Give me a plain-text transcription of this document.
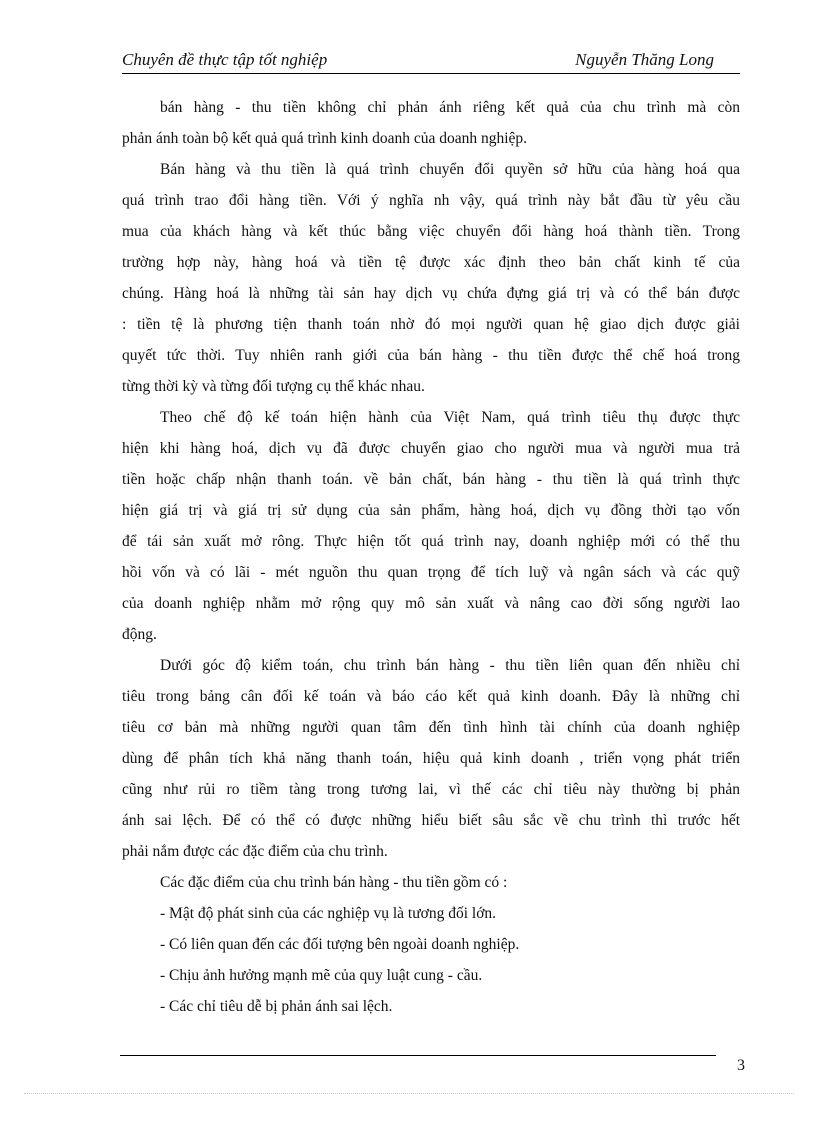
Chuyên đề thực tập tốt nghiệp	Nguyễn Thăng Long
bán hàng - thu tiền không chỉ phản ánh riêng kết quả của chu trình mà còn
phản ánh toàn bộ kết quả quá trình kinh doanh của doanh nghiệp.
Bán hàng và thu tiền là quá trình chuyển đổi quyền sở hữu của hàng hoá qua
quá trình trao đổi hàng tiền. Với ý nghĩa nh vậy, quá trình này bắt đầu từ yêu cầu
mua của khách hàng và kết thúc bằng việc chuyển đổi hàng hoá thành tiền. Trong
trường hợp này, hàng hoá và tiền tệ được xác định theo bản chất kinh tế của
chúng. Hàng hoá là những tài sản hay dịch vụ chứa đựng giá trị và có thể bán được
: tiền tệ là phương tiện thanh toán nhờ đó mọi người quan hệ giao dịch được giải
quyết tức thời. Tuy nhiên ranh giới của bán hàng - thu tiền được thể chế hoá trong
từng thời kỳ và từng đối tượng cụ thể khác nhau.
Theo chế độ kế toán hiện hành của Việt Nam, quá trình tiêu thụ được thực
hiện khi hàng hoá, dịch vụ đã được chuyển giao cho người mua và người mua trả
tiền hoặc chấp nhận thanh toán. về bản chất, bán hàng - thu tiền là quá trình thực
hiện giá trị và giá trị sử dụng của sản phẩm, hàng hoá, dịch vụ đồng thời tạo vốn
để tái sản xuất mở rông. Thực hiện tốt quá trình nay, doanh nghiệp mới có thể thu
hồi vốn và có lãi - mét nguồn thu quan trọng để tích luỹ và ngân sách và các quỹ
của doanh nghiệp nhằm mở rộng quy mô sản xuất và nâng cao đời sống người lao
động.
Dưới góc độ kiểm toán, chu trình bán hàng - thu tiền liên quan đến nhiều chỉ
tiêu trong bảng cân đối kế toán và báo cáo kết quả kinh doanh. Đây là những chỉ
tiêu cơ bản mà những người quan tâm đến tình hình tài chính của doanh nghiệp
dùng để phân tích khả năng thanh toán, hiệu quả kinh doanh , triển vọng phát triển
cũng như rủi ro tiềm tàng trong tương lai, vì thế các chỉ tiêu này thường bị phản
ánh sai lệch. Để có thể có được những hiểu biết sâu sắc về chu trình thì trước hết
phải nắm được các đặc điểm của chu trình.
Các đặc điểm của chu trình bán hàng - thu tiền gồm có :
- Mật độ phát sinh của các nghiệp vụ là tương đối lớn.
- Có liên quan đến các đối tượng bên ngoài doanh nghiệp.
- Chịu ảnh hưởng mạnh mẽ của quy luật cung - cầu.
- Các chỉ tiêu dễ bị phản ánh sai lệch.
3
